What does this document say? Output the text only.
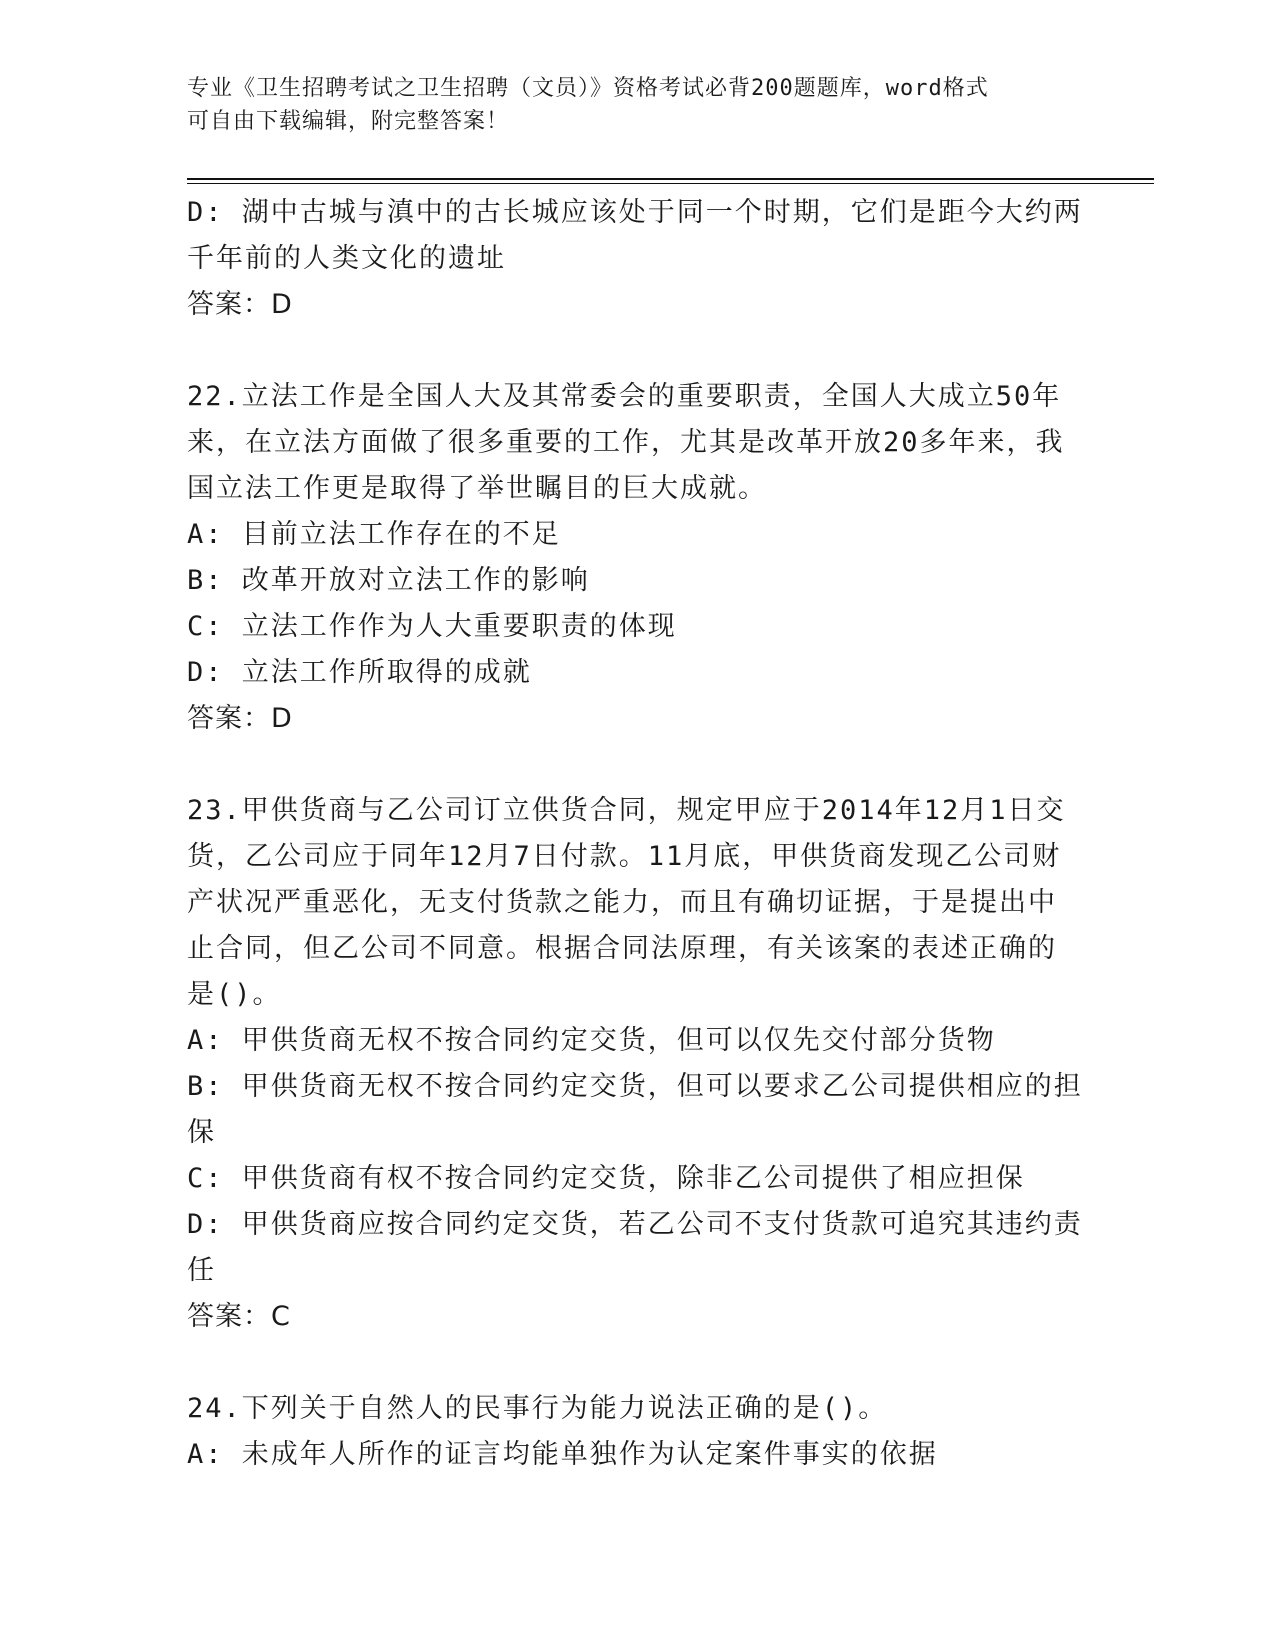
专业《卫生招聘考试之卫生招聘（文员）》资格考试必背200题题库，word格式
可自由下载编辑，附完整答案！
D: 湖中古城与滇中的古长城应该处于同一个时期，它们是距今大约两
千年前的人类文化的遗址
答案：D
22.立法工作是全国人大及其常委会的重要职责，全国人大成立50年
来，在立法方面做了很多重要的工作，尤其是改革开放20多年来，我
国立法工作更是取得了举世瞩目的巨大成就。
A: 目前立法工作存在的不足
B: 改革开放对立法工作的影响
C: 立法工作作为人大重要职责的体现
D: 立法工作所取得的成就
答案：D
23.甲供货商与乙公司订立供货合同，规定甲应于2014年12月1日交
货，乙公司应于同年12月7日付款。11月底，甲供货商发现乙公司财
产状况严重恶化，无支付货款之能力，而且有确切证据，于是提出中
止合同，但乙公司不同意。根据合同法原理，有关该案的表述正确的
是()。
A: 甲供货商无权不按合同约定交货，但可以仅先交付部分货物
B: 甲供货商无权不按合同约定交货，但可以要求乙公司提供相应的担
保
C: 甲供货商有权不按合同约定交货，除非乙公司提供了相应担保
D: 甲供货商应按合同约定交货，若乙公司不支付货款可追究其违约责
任
答案：C
24.下列关于自然人的民事行为能力说法正确的是()。
A: 未成年人所作的证言均能单独作为认定案件事实的依据
